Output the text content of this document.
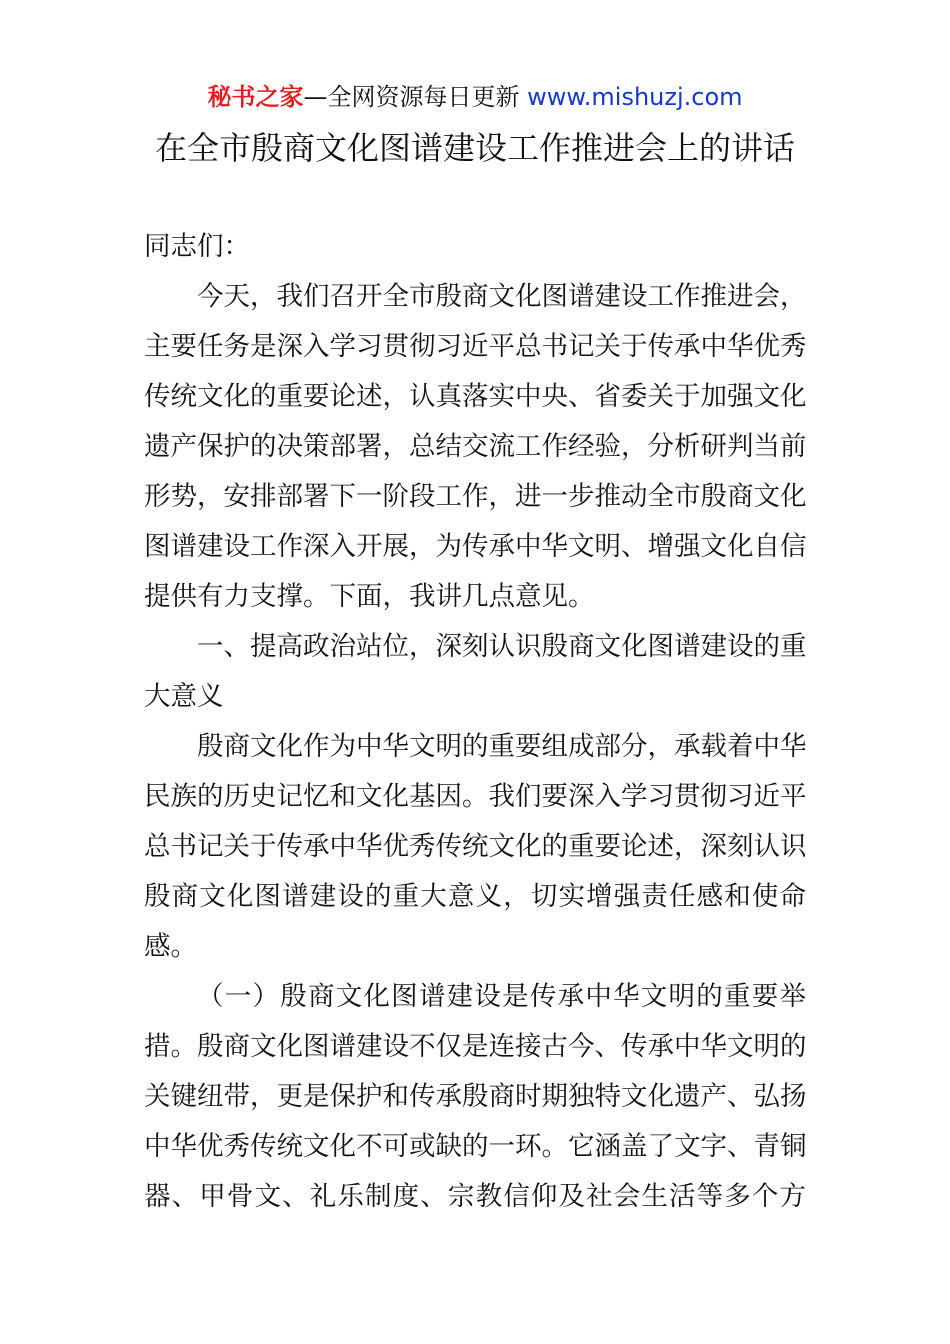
秘书之家—全网资源每日更新 www.mishuzj.com
在全市殷商文化图谱建设工作推进会上的讲话
同志们：
今天，我们召开全市殷商文化图谱建设工作推进会，
主要任务是深入学习贯彻习近平总书记关于传承中华优秀
传统文化的重要论述，认真落实中央、省委关于加强文化
遗产保护的决策部署，总结交流工作经验，分析研判当前
形势，安排部署下一阶段工作，进一步推动全市殷商文化
图谱建设工作深入开展，为传承中华文明、增强文化自信
提供有力支撑。下面，我讲几点意见。
一、提高政治站位，深刻认识殷商文化图谱建设的重
大意义
殷商文化作为中华文明的重要组成部分，承载着中华
民族的历史记忆和文化基因。我们要深入学习贯彻习近平
总书记关于传承中华优秀传统文化的重要论述，深刻认识
殷商文化图谱建设的重大意义，切实增强责任感和使命
感。
（一）殷商文化图谱建设是传承中华文明的重要举
措。殷商文化图谱建设不仅是连接古今、传承中华文明的
关键纽带，更是保护和传承殷商时期独特文化遗产、弘扬
中华优秀传统文化不可或缺的一环。它涵盖了文字、青铜
器、甲骨文、礼乐制度、宗教信仰及社会生活等多个方
